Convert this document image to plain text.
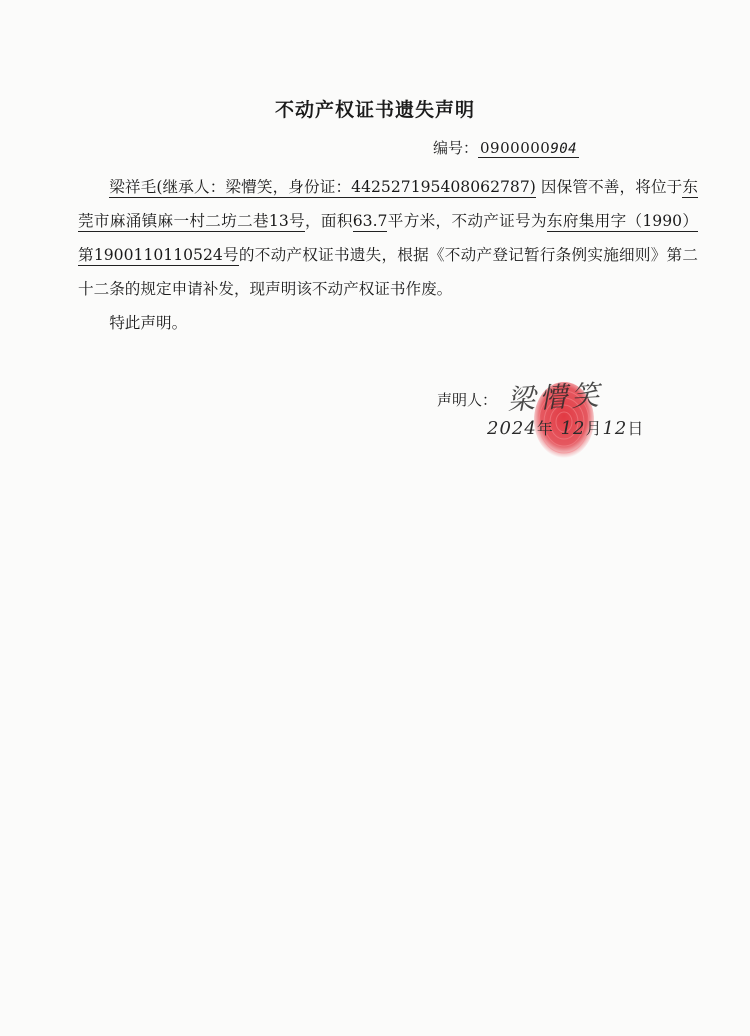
不动产权证书遗失声明
编号： 0900000904

梁祥毛(继承人：梁懵笑，身份证：442527195408062787) 因保管不善，将位于东莞市麻涌镇麻一村二坊二巷13号，面积63.7平方米，不动产证号为东府集用字（1990）第1900110110524号的不动产权证书遗失，根据《不动产登记暂行条例实施细则》第二十二条的规定申请补发，现声明该不动产权证书作废。

特此声明。

声明人： 梁懵笑
2024年 12月12日
